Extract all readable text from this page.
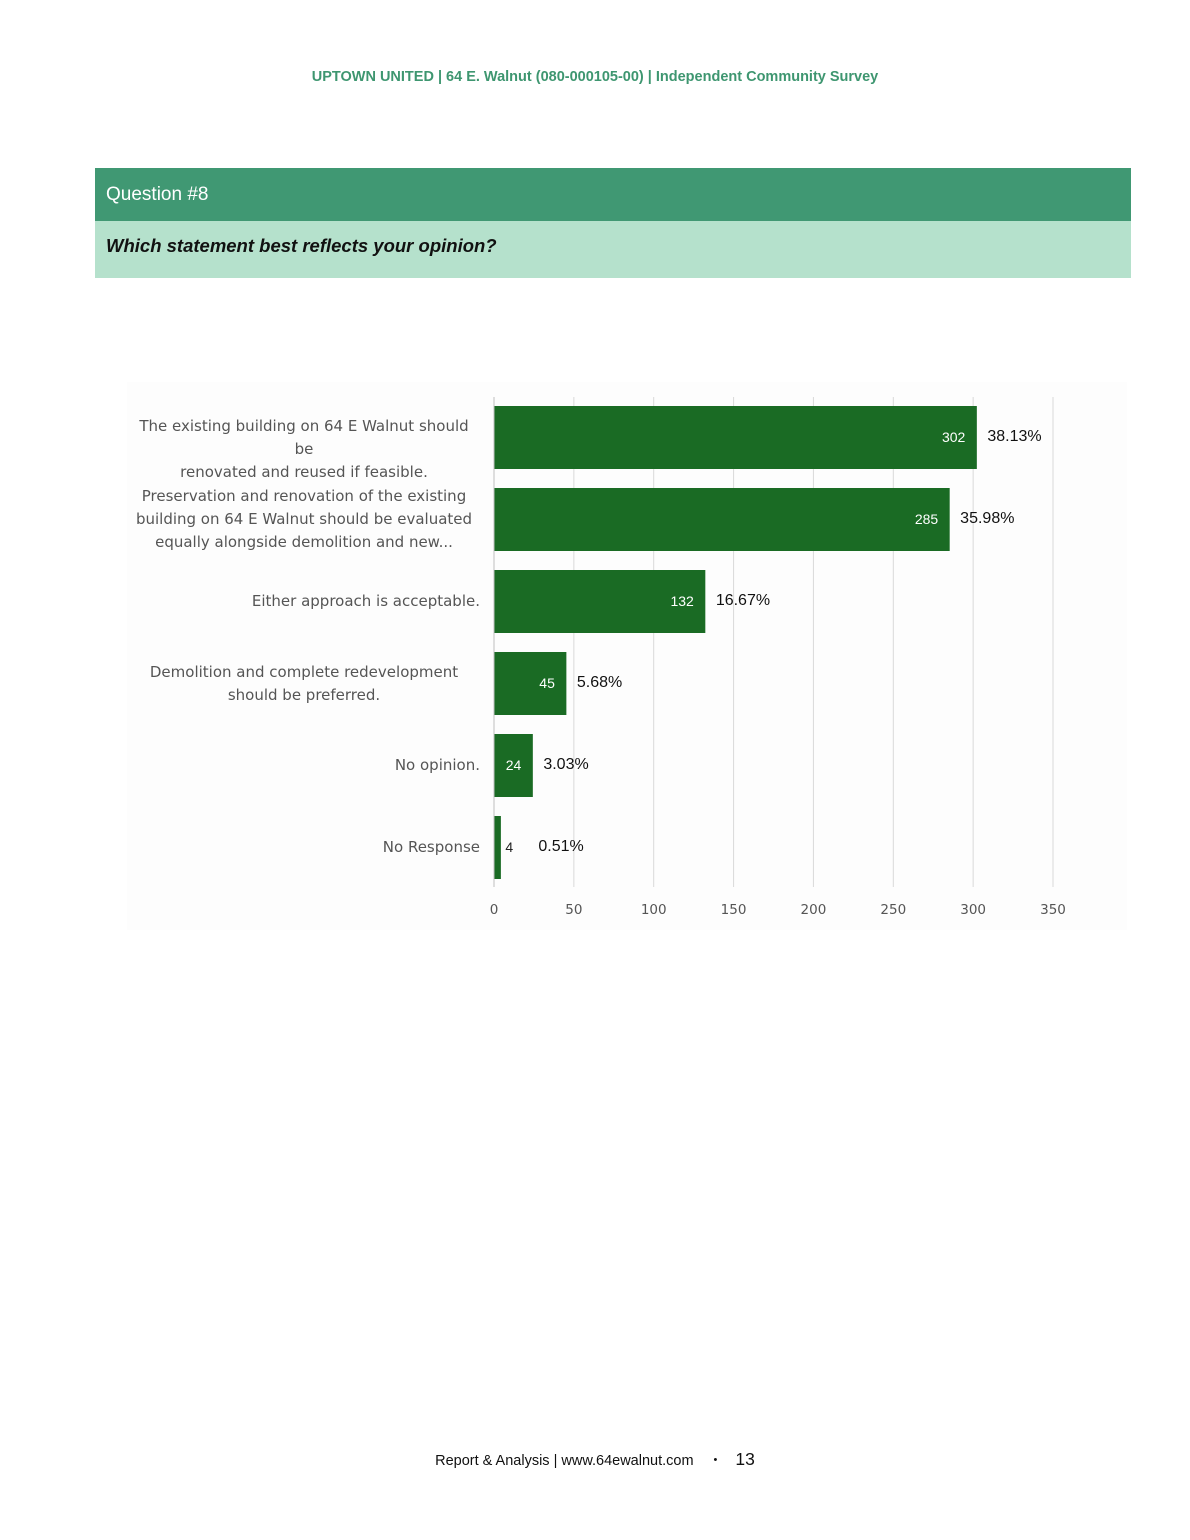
UPTOWN UNITED | 64 E. Walnut (080-000105-00) | Independent Community Survey
Question #8
Which statement best reflects your opinion?
The existing building on 64 E Walnut should be
renovated and reused if feasible.
302 38.13%
Preservation and renovation of the existing
building on 64 E Walnut should be evaluated
equally alongside demolition and new...
285 35.98%
Either approach is acceptable.	132 16.67%
Demolition and complete redevelopment
should be preferred.
45 5.68%
No opinion.	24 3.03%
No Response 4 0.51%
0	50	100	150	200	250	300	350
Report & Analysis | www.64ewalnut.com • 13
